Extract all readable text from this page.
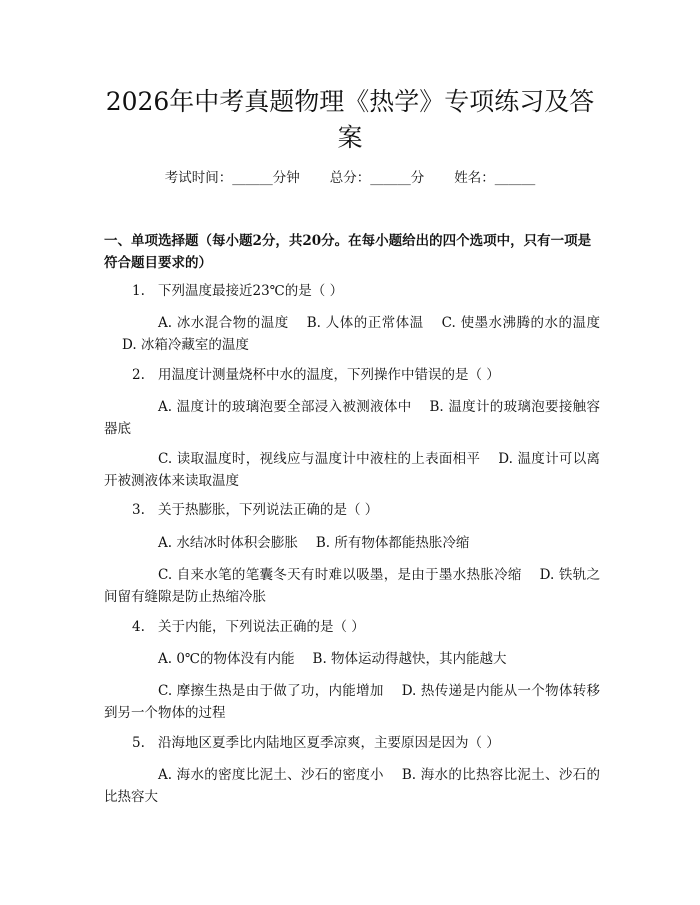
2026年中考真题物理《热学》专项练习及答案
考试时间：______分钟 总分：______分 姓名：______
一、单项选择题（每小题2分，共20分。在每小题给出的四个选项中，只有一项是符合题目要求的）
1. 下列温度最接近23℃的是（ ）
A. 冰水混合物的温度 B. 人体的正常体温 C. 使墨水沸腾的水的温度D. 冰箱冷藏室的温度
2. 用温度计测量烧杯中水的温度，下列操作中错误的是（ ）
A. 温度计的玻璃泡要全部浸入被测液体中 B. 温度计的玻璃泡要接触容器底
C. 读取温度时，视线应与温度计中液柱的上表面相平 D. 温度计可以离开被测液体来读取温度
3. 关于热膨胀，下列说法正确的是（ ）
A. 水结冰时体积会膨胀 B. 所有物体都能热胀冷缩
C. 自来水笔的笔囊冬天有时难以吸墨，是由于墨水热胀冷缩 D. 铁轨之间留有缝隙是防止热缩冷胀
4. 关于内能，下列说法正确的是（ ）
A. 0℃的物体没有内能 B. 物体运动得越快，其内能越大
C. 摩擦生热是由于做了功，内能增加 D. 热传递是内能从一个物体转移到另一个物体的过程
5. 沿海地区夏季比内陆地区夏季凉爽，主要原因是因为（ ）
A. 海水的密度比泥土、沙石的密度小 B. 海水的比热容比泥土、沙石的比热容大
